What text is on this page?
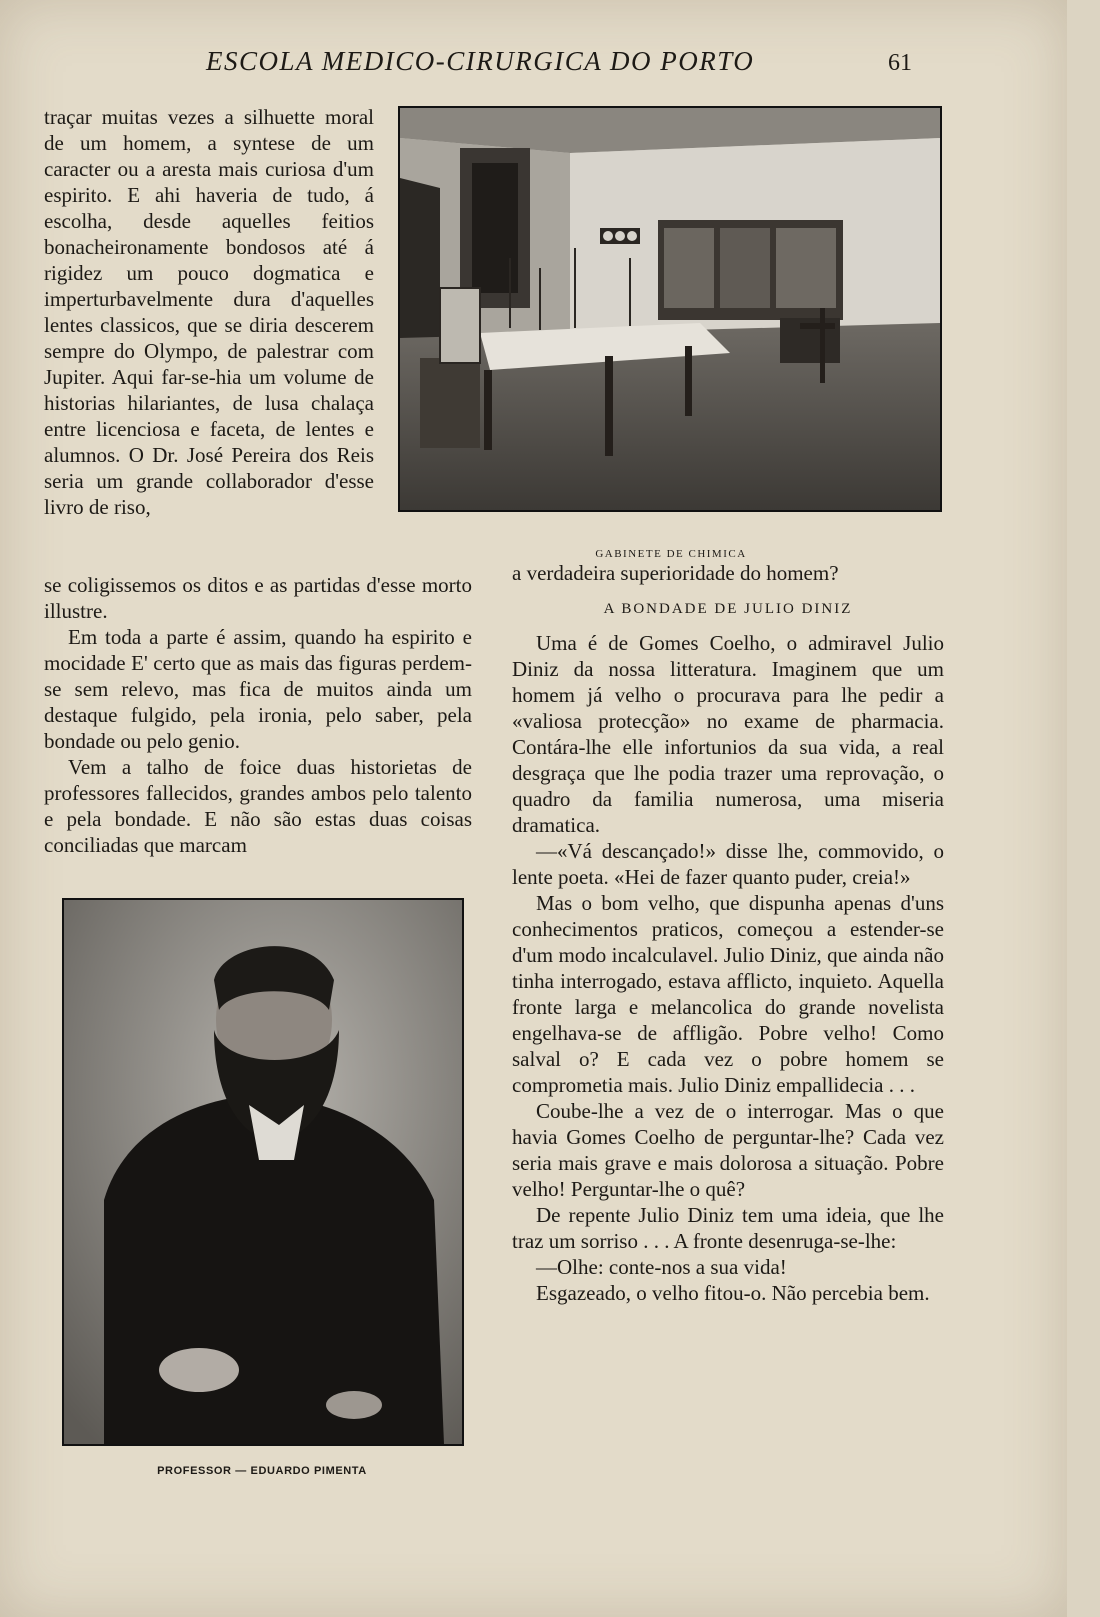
ESCOLA MEDICO-CIRURGICA DO PORTO	61

traçar muitas vezes a silhuette moral de um homem, a syntese de um caracter ou a aresta mais curiosa d'um espirito. E ahi haveria de tudo, á escolha, desde aquelles feitios bonacheironamente bondosos até á rigidez um pouco dogmatica e imperturbavelmente dura d'aquelles lentes classicos, que se diria descerem sempre do Olympo, de palestrar com Jupiter. Aqui far-se-hia um volume de historias hilariantes, de lusa chalaça entre licenciosa e faceta, de lentes e alumnos. O Dr. José Pereira dos Reis seria um grande collaborador d'esse livro de riso,

GABINETE DE CHIMICA

se coligissemos os ditos e as partidas d'esse morto illustre.

Em toda a parte é assim, quando ha espirito e mocidade E' certo que as mais das figuras perdem-se sem relevo, mas fica de muitos ainda um destaque fulgido, pela ironia, pelo saber, pela bondade ou pelo genio.

Vem a talho de foice duas historietas de professores fallecidos, grandes ambos pelo talento e pela bondade. E não são estas duas coisas conciliadas que marcam

PROFESSOR — EDUARDO PIMENTA

a verdadeira superioridade do homem?

A BONDADE DE JULIO DINIZ

Uma é de Gomes Coelho, o admiravel Julio Diniz da nossa litteratura. Imaginem que um homem já velho o procurava para lhe pedir a «valiosa protecção» no exame de pharmacia. Contára-lhe elle infortunios da sua vida, a real desgraça que lhe podia trazer uma reprovação, o quadro da familia numerosa, uma miseria dramatica.

—«Vá descançado!» disse lhe, commovido, o lente poeta. «Hei de fazer quanto puder, creia!»

Mas o bom velho, que dispunha apenas d'uns conhecimentos praticos, começou a estender-se d'um modo incalculavel. Julio Diniz, que ainda não tinha interrogado, estava afflicto, inquieto. Aquella fronte larga e melancolica do grande novelista engelhava-se de affligão. Pobre velho! Como salval o? E cada vez o pobre homem se comprometia mais. Julio Diniz empallidecia . . .

Coube-lhe a vez de o interrogar. Mas o que havia Gomes Coelho de perguntar-lhe? Cada vez seria mais grave e mais dolorosa a situação. Pobre velho! Perguntar-lhe o quê?

De repente Julio Diniz tem uma ideia, que lhe traz um sorriso . . . A fronte desenruga-se-lhe:

—Olhe: conte-nos a sua vida!

Esgazeado, o velho fitou-o. Não percebia bem.
